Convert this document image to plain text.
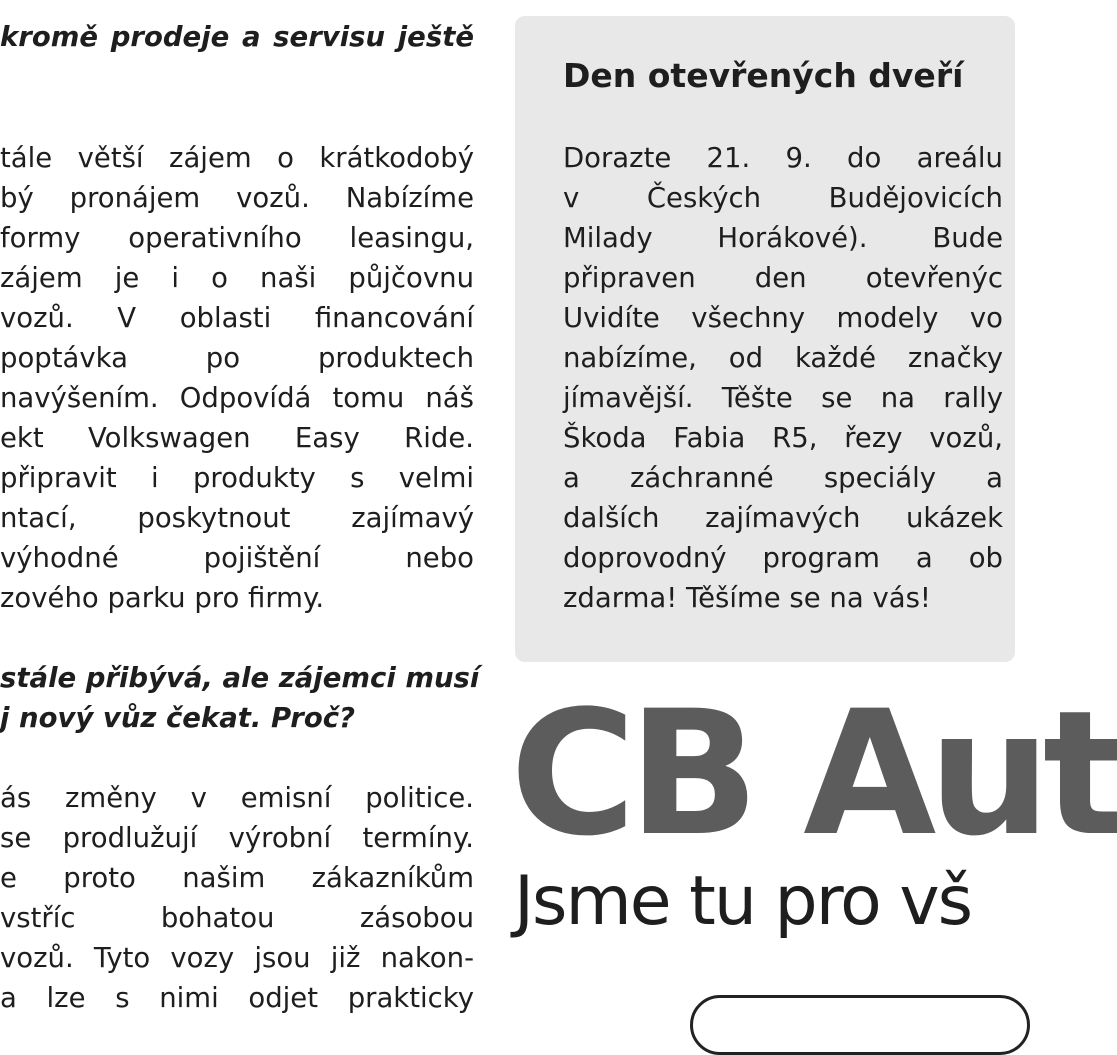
kromě prodeje a servisu ještě
tále větší zájem o krátkodobý
bý pronájem vozů. Nabízíme
formy operativního leasingu,
zájem je i o naši půjčovnu
vozů. V oblasti financování
poptávka po produktech
navýšením. Odpovídá tomu náš
ekt Volkswagen Easy Ride.
připravit i produkty s velmi
ntací, poskytnout zajímavý
výhodné pojištění nebo
zového parku pro firmy.
stále přibývá, ale zájemci musí
j nový vůz čekat. Proč?
ás změny v emisní politice.
se prodlužují výrobní termíny.
e proto našim zákazníkům
vstříc bohatou zásobou
vozů. Tyto vozy jsou již nakon-
a lze s nimi odjet prakticky
Den otevřených dveří
Dorazte 21. 9. do areálu
v Českých Budějovicích
Milady Horákové). Bude
připraven den otevřenýc
Uvidíte všechny modely vo
nabízíme, od každé značky
jímavější. Těšte se na rally
Škoda Fabia R5, řezy vozů,
a záchranné speciály a
dalších zajímavých ukázek
doprovodný program a ob
zdarma! Těšíme se na vás!
CB Aut
Jsme tu pro vš
